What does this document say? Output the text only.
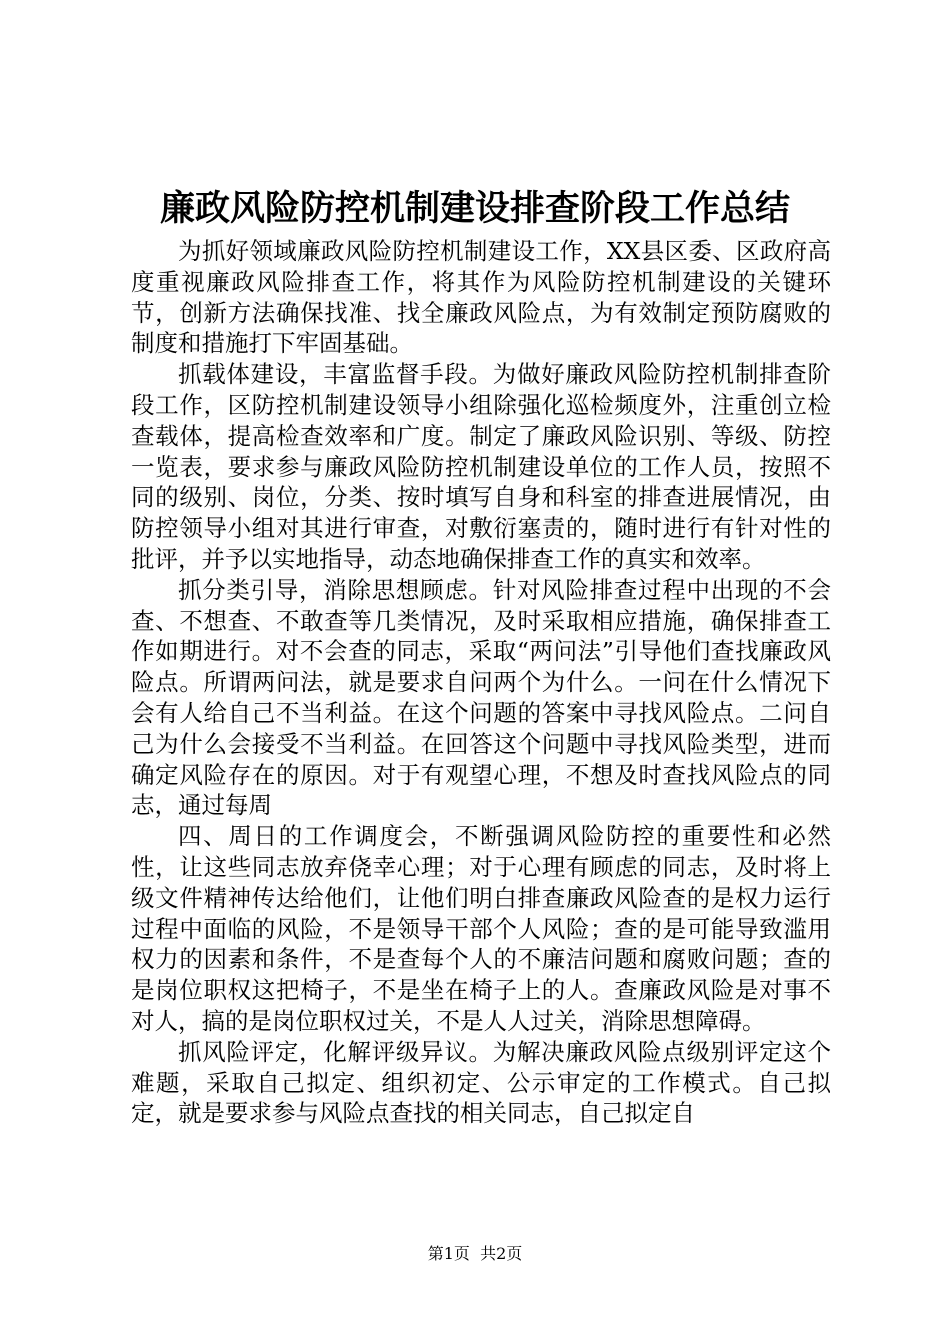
廉政风险防控机制建设排查阶段工作总结

为抓好领域廉政风险防控机制建设工作，XX县区委、区政府高度重视廉政风险排查工作，将其作为风险防控机制建设的关键环节，创新方法确保找准、找全廉政风险点，为有效制定预防腐败的制度和措施打下牢固基础。

抓载体建设，丰富监督手段。为做好廉政风险防控机制排查阶段工作，区防控机制建设领导小组除强化巡检频度外，注重创立检查载体，提高检查效率和广度。制定了廉政风险识别、等级、防控一览表，要求参与廉政风险防控机制建设单位的工作人员，按照不同的级别、岗位，分类、按时填写自身和科室的排查进展情况，由防控领导小组对其进行审查，对敷衍塞责的，随时进行有针对性的批评，并予以实地指导，动态地确保排查工作的真实和效率。

抓分类引导，消除思想顾虑。针对风险排查过程中出现的不会查、不想查、不敢查等几类情况，及时采取相应措施，确保排查工作如期进行。对不会查的同志，采取“两问法”引导他们查找廉政风险点。所谓两问法，就是要求自问两个为什么。一问在什么情况下会有人给自己不当利益。在这个问题的答案中寻找风险点。二问自己为什么会接受不当利益。在回答这个问题中寻找风险类型，进而确定风险存在的原因。对于有观望心理，不想及时查找风险点的同志，通过每周

四、周日的工作调度会，不断强调风险防控的重要性和必然性，让这些同志放弃侥幸心理；对于心理有顾虑的同志，及时将上级文件精神传达给他们，让他们明白排查廉政风险查的是权力运行过程中面临的风险，不是领导干部个人风险；查的是可能导致滥用权力的因素和条件，不是查每个人的不廉洁问题和腐败问题；查的是岗位职权这把椅子，不是坐在椅子上的人。查廉政风险是对事不对人，搞的是岗位职权过关，不是人人过关，消除思想障碍。

抓风险评定，化解评级异议。为解决廉政风险点级别评定这个难题，采取自己拟定、组织初定、公示审定的工作模式。自己拟定，就是要求参与风险点查找的相关同志，自己拟定自

第1页 共2页
